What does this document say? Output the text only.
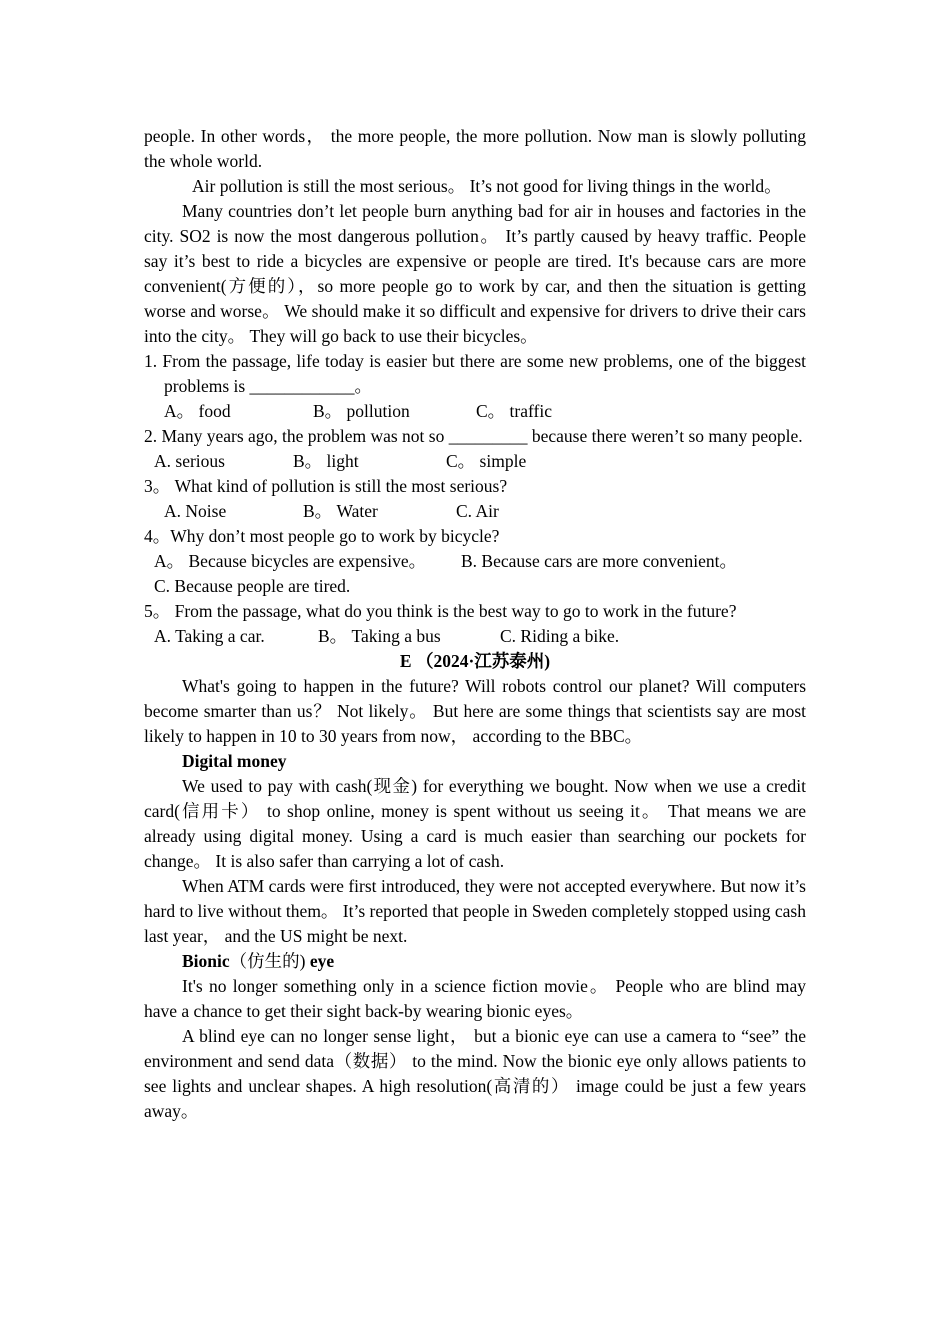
people. In other words， the more people, the more pollution. Now man is slowly polluting the whole world.

Air pollution is still the most serious。 It’s not good for living things in the world。

Many countries don’t let people burn anything bad for air in houses and factories in the city. SO2 is now the most dangerous pollution。 It’s partly caused by heavy traffic. People say it’s best to ride a bicycles are expensive or people are tired. It's because cars are more convenient(方便的），so more people go to work by car, and then the situation is getting worse and worse。 We should make it so difficult and expensive for drivers to drive their cars into the city。 They will go back to use their bicycles。

1. From the passage, life today is easier but there are some new problems, one of the biggest problems is ____________。

A。 food	B。 pollution	C。 traffic

2. Many years ago, the problem was not so _________ because there weren’t so many people.

A. serious	B。 light	C。 simple

3。 What kind of pollution is still the most serious?

A. Noise	B。 Water	C. Air

4。Why don’t most people go to work by bicycle?

A。 Because bicycles are expensive。 B. Because cars are more convenient。

C. Because people are tired.

5。 From the passage, what do you think is the best way to go to work in the future?

A. Taking a car.	B。 Taking a bus	C. Riding a bike.

E （2024·江苏泰州)

What's going to happen in the future? Will robots control our planet? Will computers become smarter than us？ Not likely。 But here are some things that scientists say are most likely to happen in 10 to 30 years from now， according to the BBC。

Digital money

We used to pay with cash(现金) for everything we bought. Now when we use a credit card(信用卡） to shop online, money is spent without us seeing it。 That means we are already using digital money. Using a card is much easier than searching our pockets for change。 It is also safer than carrying a lot of cash.

When ATM cards were first introduced, they were not accepted everywhere. But now it’s hard to live without them。 It’s reported that people in Sweden completely stopped using cash last year， and the US might be next.

Bionic（仿生的) eye

It's no longer something only in a science fiction movie。 People who are blind may have a chance to get their sight back-by wearing bionic eyes。

A blind eye can no longer sense light， but a bionic eye can use a camera to “see” the environment and send data（数据） to the mind. Now the bionic eye only allows patients to see lights and unclear shapes. A high resolution(高清的） image could be just a few years away。
